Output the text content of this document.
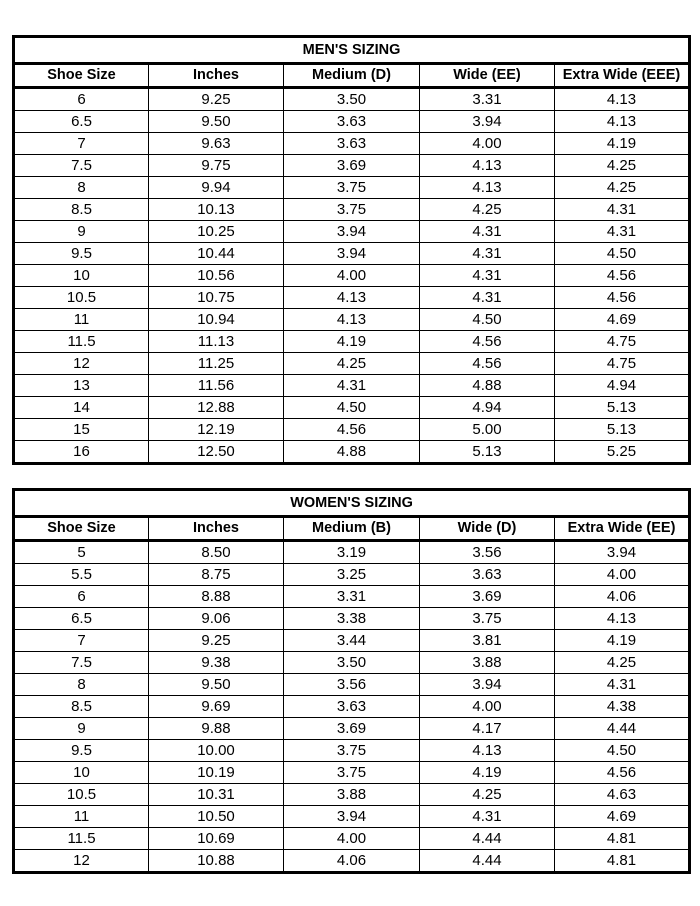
MEN'S SIZING				
Shoe Size	Inches	Medium (D)	Wide (EE)	Extra Wide (EEE)
6	9.25	3.50	3.31	4.13
6.5	9.50	3.63	3.94	4.13
7	9.63	3.63	4.00	4.19
7.5	9.75	3.69	4.13	4.25
8	9.94	3.75	4.13	4.25
8.5	10.13	3.75	4.25	4.31
9	10.25	3.94	4.31	4.31
9.5	10.44	3.94	4.31	4.50
10	10.56	4.00	4.31	4.56
10.5	10.75	4.13	4.31	4.56
11	10.94	4.13	4.50	4.69
11.5	11.13	4.19	4.56	4.75
12	11.25	4.25	4.56	4.75
13	11.56	4.31	4.88	4.94
14	12.88	4.50	4.94	5.13
15	12.19	4.56	5.00	5.13
16	12.50	4.88	5.13	5.25
WOMEN'S SIZING				
Shoe Size	Inches	Medium (B)	Wide (D)	Extra Wide (EE)
5	8.50	3.19	3.56	3.94
5.5	8.75	3.25	3.63	4.00
6	8.88	3.31	3.69	4.06
6.5	9.06	3.38	3.75	4.13
7	9.25	3.44	3.81	4.19
7.5	9.38	3.50	3.88	4.25
8	9.50	3.56	3.94	4.31
8.5	9.69	3.63	4.00	4.38
9	9.88	3.69	4.17	4.44
9.5	10.00	3.75	4.13	4.50
10	10.19	3.75	4.19	4.56
10.5	10.31	3.88	4.25	4.63
11	10.50	3.94	4.31	4.69
11.5	10.69	4.00	4.44	4.81
12	10.88	4.06	4.44	4.81
